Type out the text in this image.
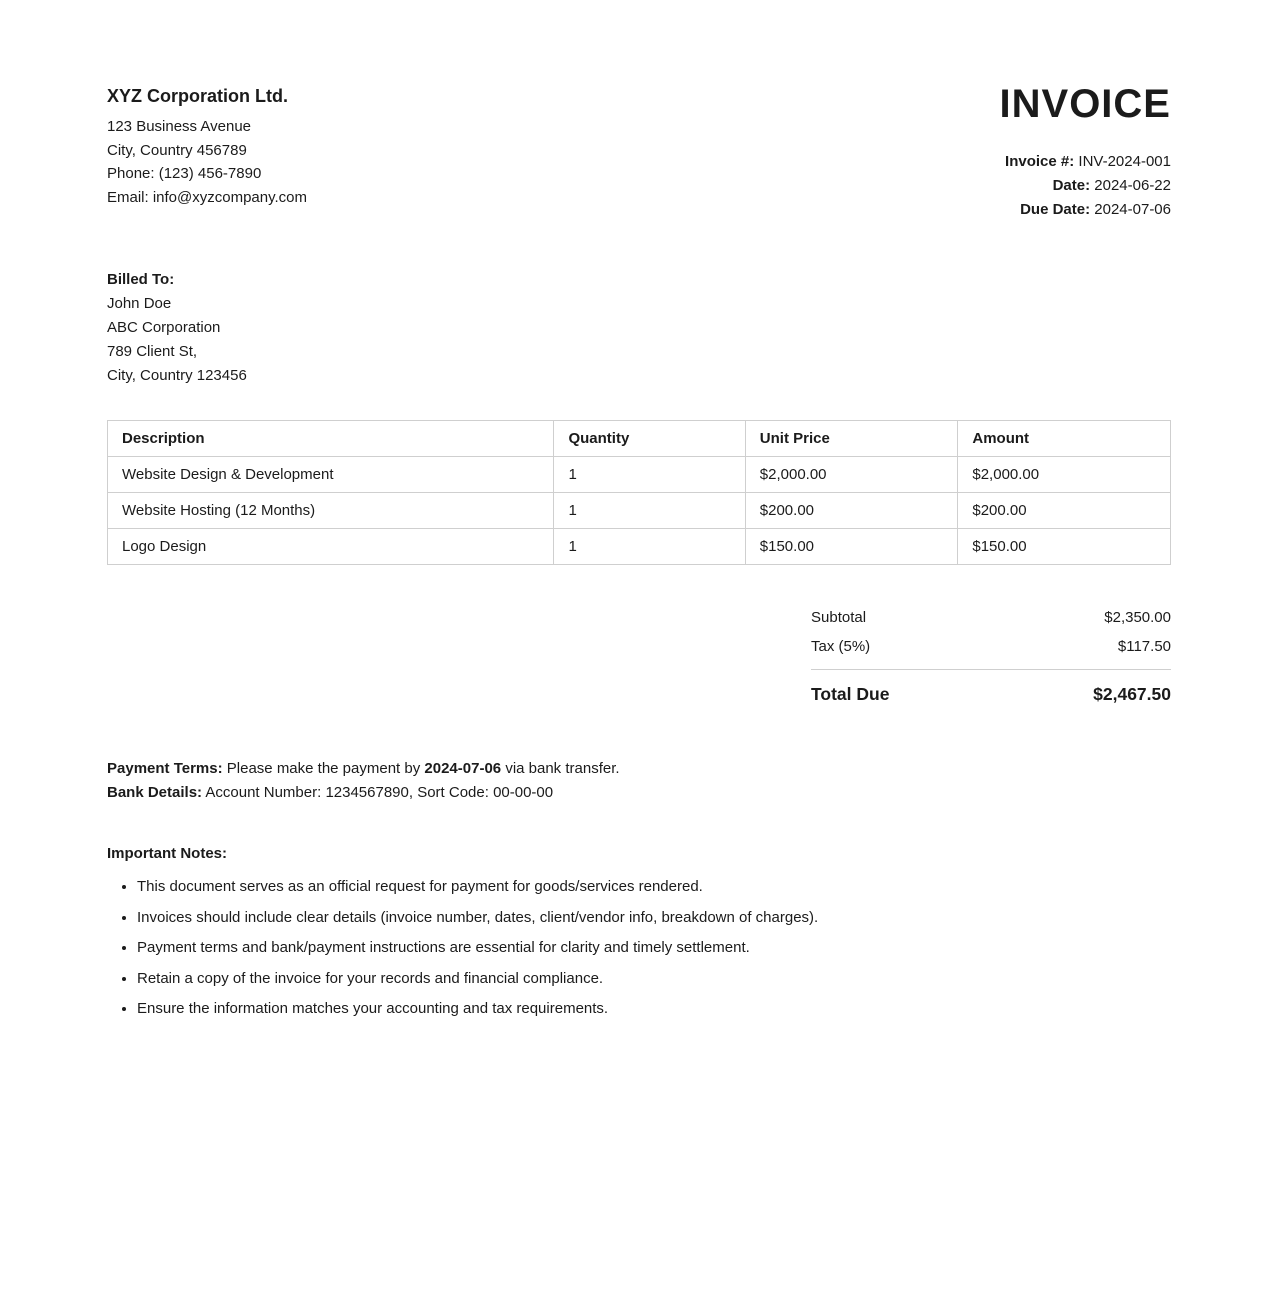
XYZ Corporation Ltd.
123 Business Avenue
City, Country 456789
Phone: (123) 456-7890
Email: info@xyzcompany.com
INVOICE
Invoice #: INV-2024-001
Date: 2024-06-22
Due Date: 2024-07-06
Billed To:
John Doe
ABC Corporation
789 Client St,
City, Country 123456
Description	Quantity	Unit Price	Amount
Website Design & Development	1	$2,000.00	$2,000.00
Website Hosting (12 Months)	1	$200.00	$200.00
Logo Design	1	$150.00	$150.00
Subtotal	$2,350.00
Tax (5%)	$117.50
Total Due	$2,467.50

Payment Terms: Please make the payment by 2024-07-06 via bank transfer.

Bank Details: Account Number: 1234567890, Sort Code: 00-00-00

Important Notes:
• This document serves as an official request for payment for goods/services rendered.
• Invoices should include clear details (invoice number, dates, client/vendor info, breakdown of charges).
• Payment terms and bank/payment instructions are essential for clarity and timely settlement.
• Retain a copy of the invoice for your records and financial compliance.
• Ensure the information matches your accounting and tax requirements.
